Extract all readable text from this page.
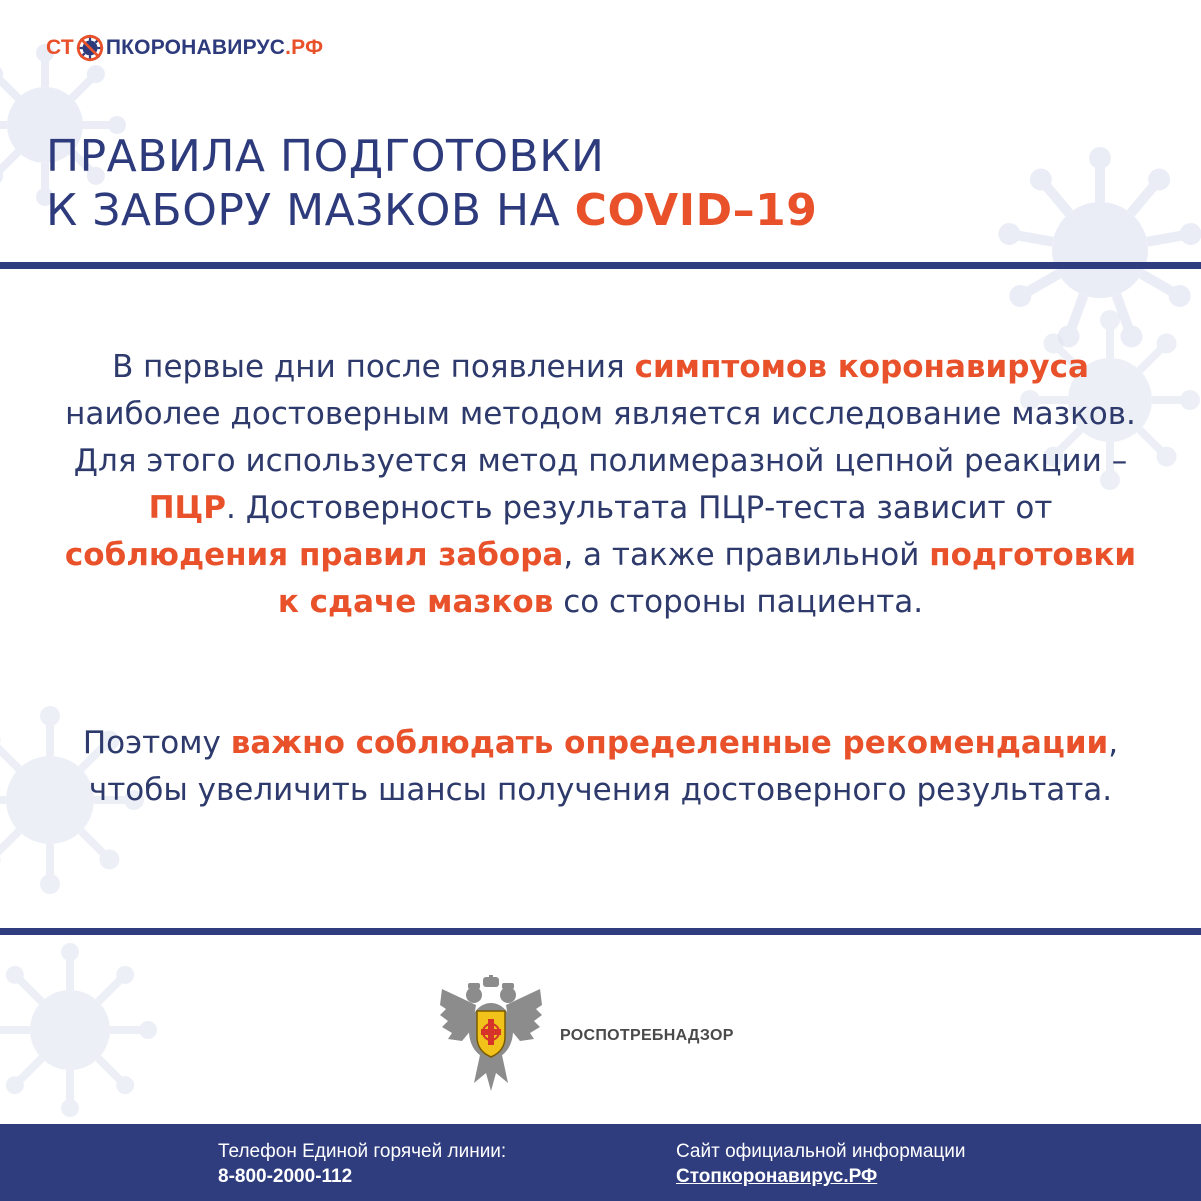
СТ ПКОРОНАВИРУС .РФ
ПРАВИЛА ПОДГОТОВКИ
К ЗАБОРУ МАЗКОВ НА COVID–19

В первые дни после появления симптомов коронавируса наиболее достоверным методом является исследование мазков. Для этого используется метод полимеразной цепной реакции – ПЦР. Достоверность результата ПЦР-теста зависит от соблюдения правил забора, а также правильной подготовки к сдаче мазков со стороны пациента.

Поэтому важно соблюдать определенные рекомендации, чтобы увеличить шансы получения достоверного результата.

РОСПОТРЕБНАДЗОР
Телефон Единой горячей линии:
8-800-2000-112
Сайт официальной информации
Стопкоронавирус.РФ
